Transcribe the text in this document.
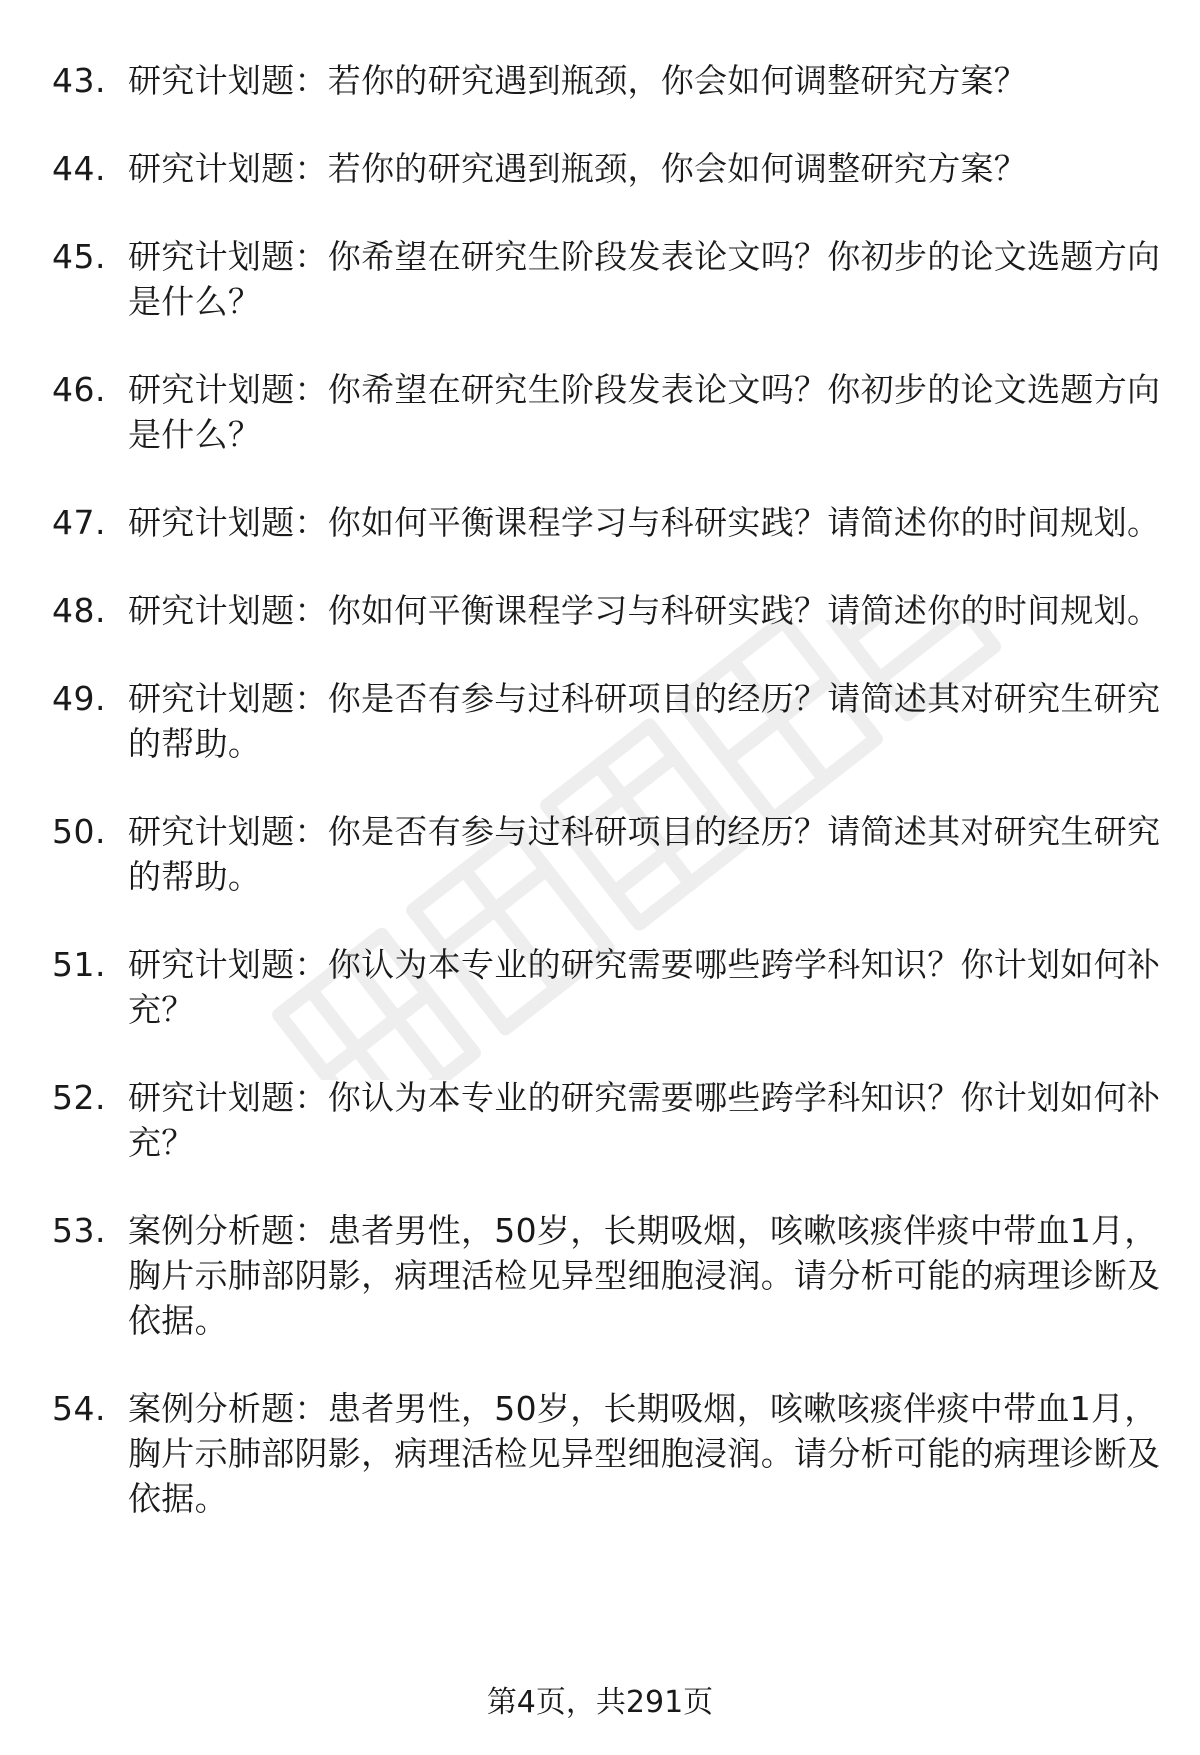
43. 研究计划题：若你的研究遇到瓶颈，你会如何调整研究方案？
44. 研究计划题：若你的研究遇到瓶颈，你会如何调整研究方案？
45. 研究计划题：你希望在研究生阶段发表论文吗？你初步的论文选题方向是什么？
46. 研究计划题：你希望在研究生阶段发表论文吗？你初步的论文选题方向是什么？
47. 研究计划题：你如何平衡课程学习与科研实践？请简述你的时间规划。
48. 研究计划题：你如何平衡课程学习与科研实践？请简述你的时间规划。
49. 研究计划题：你是否有参与过科研项目的经历？请简述其对研究生研究的帮助。
50. 研究计划题：你是否有参与过科研项目的经历？请简述其对研究生研究的帮助。
51. 研究计划题：你认为本专业的研究需要哪些跨学科知识？你计划如何补充？
52. 研究计划题：你认为本专业的研究需要哪些跨学科知识？你计划如何补充？
53. 案例分析题：患者男性，50岁，长期吸烟，咳嗽咳痰伴痰中带血1月，胸片示肺部阴影，病理活检见异型细胞浸润。请分析可能的病理诊断及依据。
54. 案例分析题：患者男性，50岁，长期吸烟，咳嗽咳痰伴痰中带血1月，胸片示肺部阴影，病理活检见异型细胞浸润。请分析可能的病理诊断及依据。
第4页，共291页
